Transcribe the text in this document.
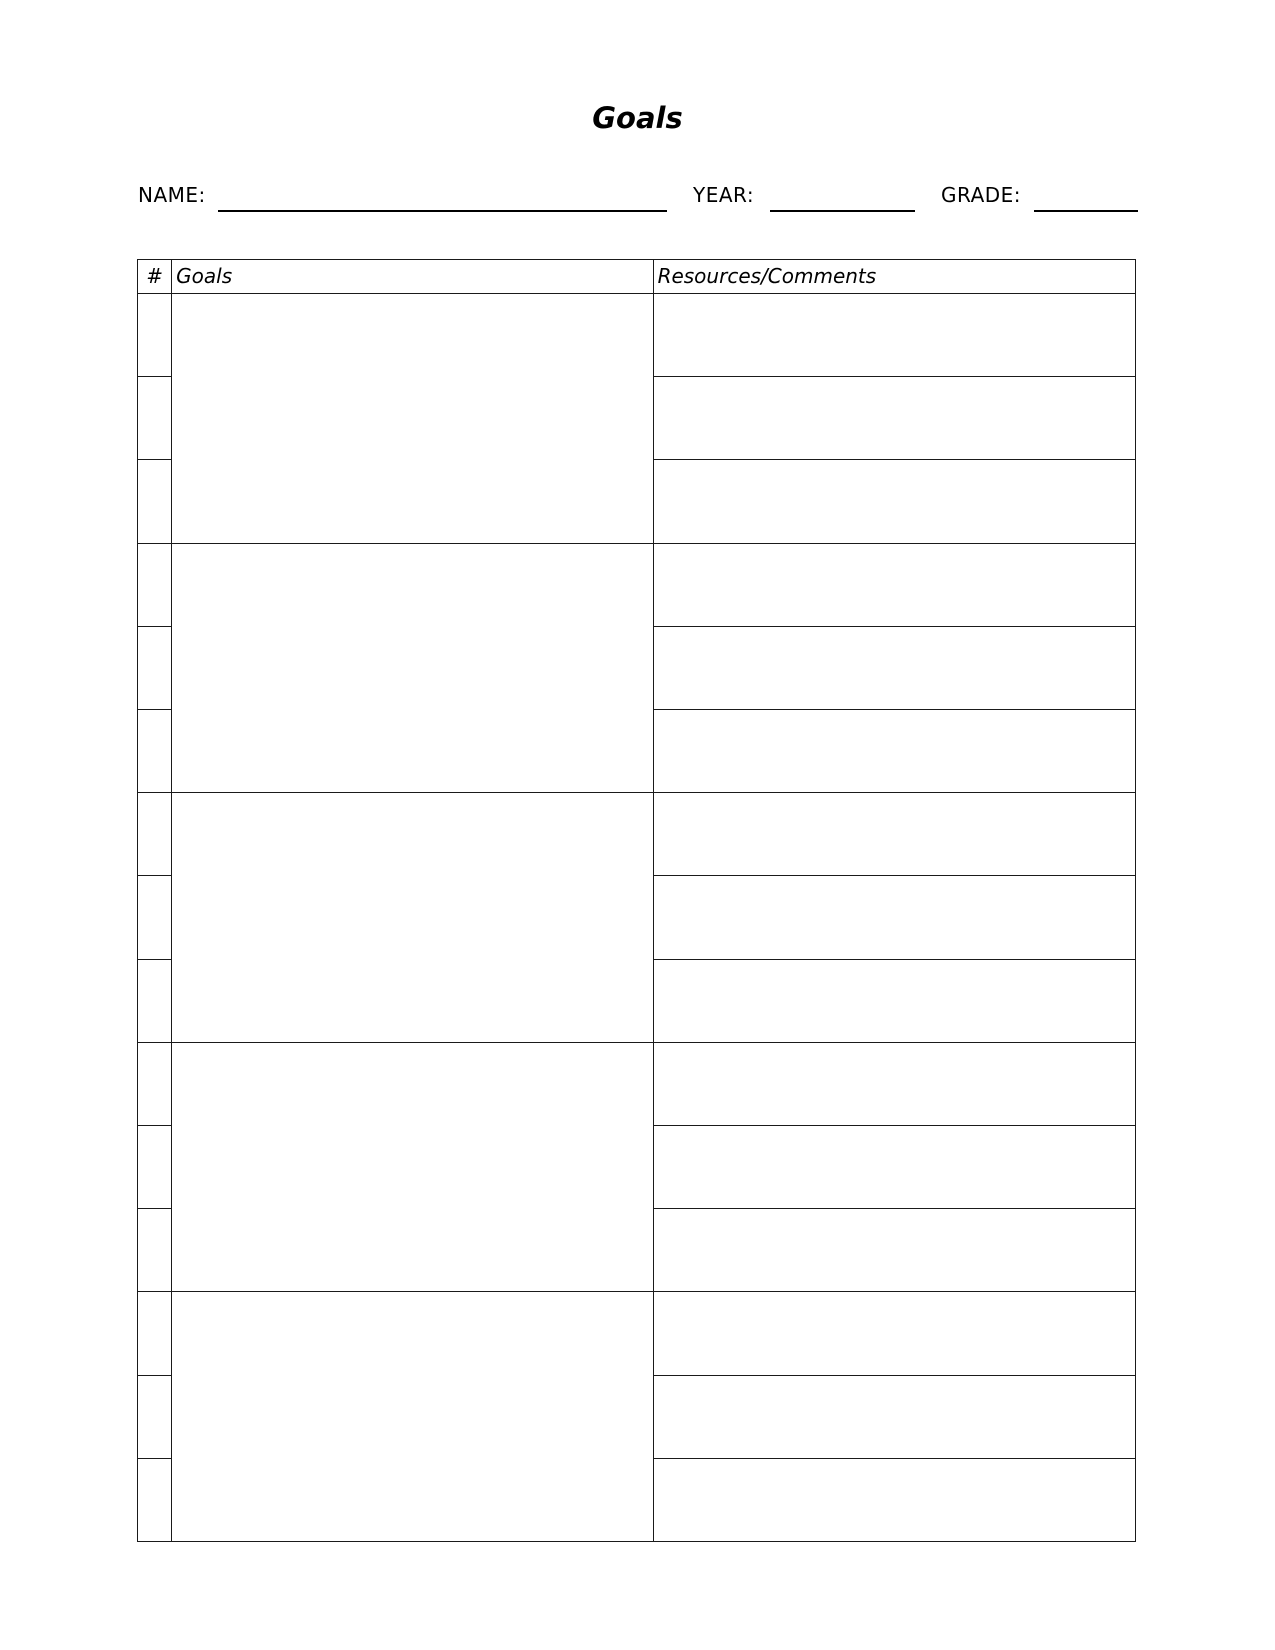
Goals
NAME:	YEAR:	GRADE:
#	Goals	Resources/Comments
